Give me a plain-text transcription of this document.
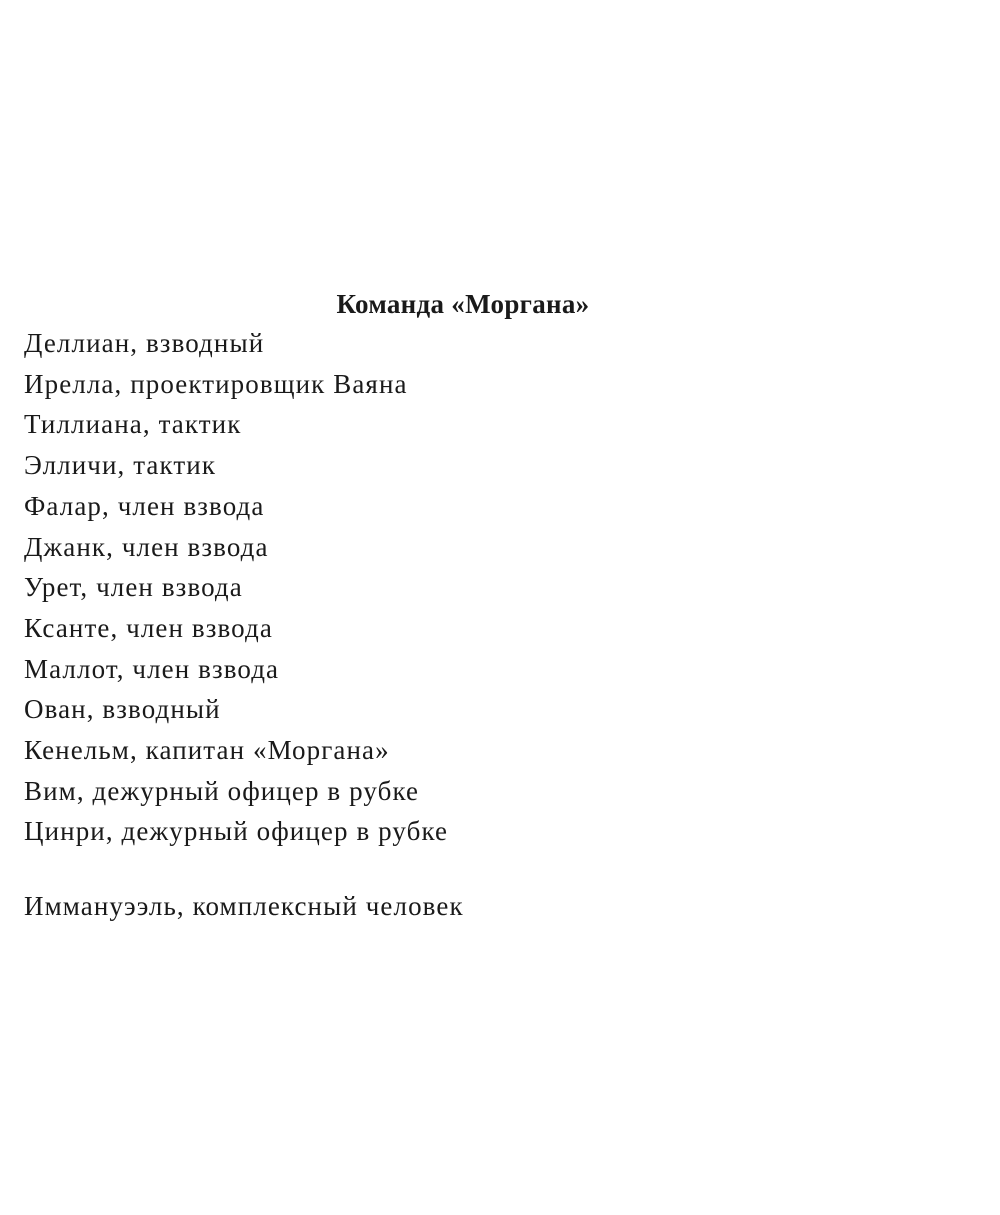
Команда «Моргана»
Деллиан, взводный
Ирелла, проектировщик Ваяна
Тиллиана, тактик
Элличи, тактик
Фалар, член взвода
Джанк, член взвода
Урет, член взвода
Ксанте, член взвода
Маллот, член взвода
Ован, взводный
Кенельм, капитан «Моргана»
Вим, дежурный офицер в рубке
Цинри, дежурный офицер в рубке

Иммануээль, комплексный человек
